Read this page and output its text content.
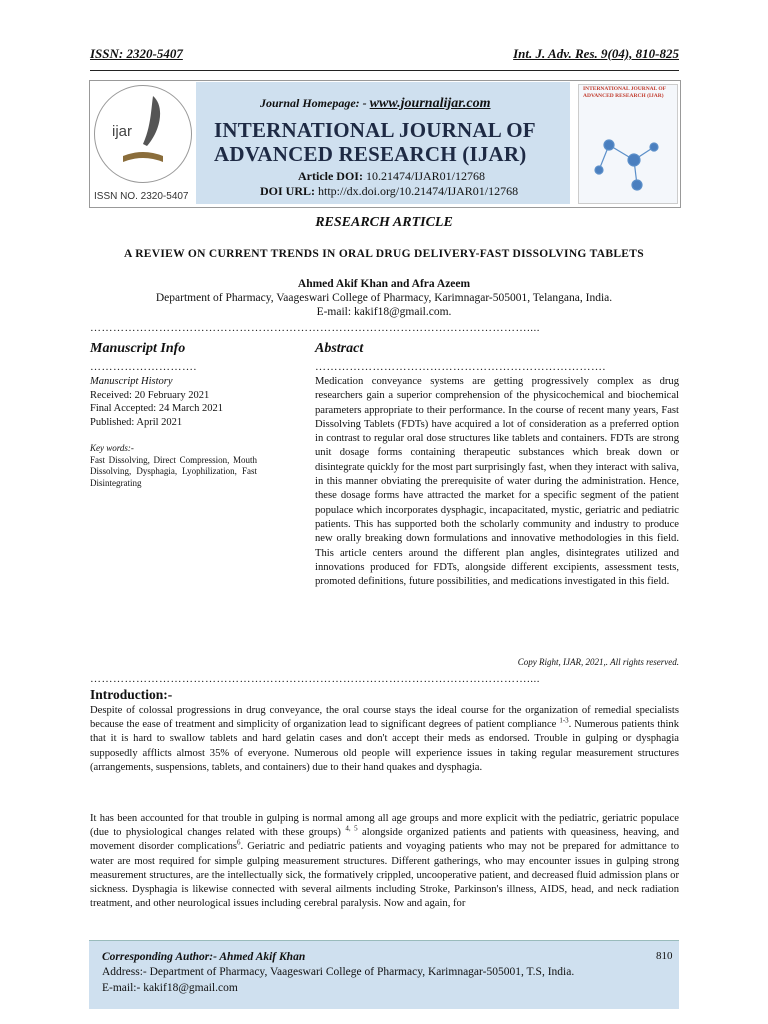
ISSN: 2320-5407	Int. J. Adv. Res. 9(04), 810-825
ijar
ISSN NO. 2320-5407
Journal Homepage: - www.journalijar.com
INTERNATIONAL JOURNAL OF ADVANCED RESEARCH (IJAR)
Article DOI: 10.21474/IJAR01/12768
DOI URL: http://dx.doi.org/10.21474/IJAR01/12768
INTERNATIONAL JOURNAL OF ADVANCED RESEARCH (IJAR)
RESEARCH ARTICLE
A REVIEW ON CURRENT TRENDS IN ORAL DRUG DELIVERY-FAST DISSOLVING TABLETS
Ahmed Akif Khan and Afra Azeem
Department of Pharmacy, Vaageswari College of Pharmacy, Karimnagar-505001, Telangana, India.
E-mail: kakif18@gmail.com.
……………………………………………………………………………………………………....
Manuscript Info	Abstract
……………………….	………………………………………………………………….
Manuscript History
Received: 20 February 2021
Final Accepted: 24 March 2021
Published: April 2021
Key words:-
Fast Dissolving, Direct Compression, Mouth Dissolving, Dysphagia, Lyophilization, Fast Disintegrating
Medication conveyance systems are getting progressively complex as drug researchers gain a superior comprehension of the physicochemical and biochemical parameters appropriate to their performance. In the course of recent many years, Fast Dissolving Tablets (FDTs) have acquired a lot of consideration as a preferred option in contrast to regular oral dose structures like tablets and containers. FDTs are strong unit dosage forms containing therapeutic substances which break down or disintegrate quickly for the most part surprisingly fast, when they interact with saliva, in this manner obviating the prerequisite of water during the administration. Hence, these dosage forms have attracted the market for a specific segment of the patient populace which incorporates dysphagic, incapacitated, mystic, geriatric and pediatric patients. This has supported both the scholarly community and industry to produce new orally breaking down formulations and innovative methodologies in this field. This article centers around the different plan angles, disintegrates utilized and innovations produced for FDTs, alongside different excipients, assessment tests, promoted definitions, future possibilities, and medications investigated in this field.
Copy Right, IJAR, 2021,. All rights reserved.
……………………………………………………………………………………………………....
Introduction:-
Despite of colossal progressions in drug conveyance, the oral course stays the ideal course for the organization of remedial specialists because the ease of treatment and simplicity of organization lead to significant degrees of patient compliance $^{1-3}$. Numerous patients think that it is hard to swallow tablets and hard gelatin cases and don't accept their meds as endorsed. Trouble in gulping or dysphagia supposedly afflicts almost 35% of everyone. Numerous old people will experience issues in taking regular measurement structures (arrangements, suspensions, tablets, and containers) due to their hand quakes and dysphagia.
It has been accounted for that trouble in gulping is normal among all age groups and more explicit with the pediatric, geriatric populace (due to physiological changes related with these groups) $^{4, 5}$ alongside organized patients and patients with queasiness, heaving, and movement disorder complications$^6$. Geriatric and pediatric patients and voyaging patients who may not be prepared for admittance to water are most required for simple gulping measurement structures. Different gatherings, who may encounter issues in gulping strong measurement structures, are the intellectually sick, the formatively crippled, uncooperative patient, and decreased fluid admission plans or sickness. Dysphagia is likewise connected with several ailments including Stroke, Parkinson's illness, AIDS, head, and neck radiation treatment, and other neurological issues including cerebral paralysis. Now and again, for
Corresponding Author:- Ahmed Akif Khan
Address:- Department of Pharmacy, Vaageswari College of Pharmacy, Karimnagar-505001, T.S, India.
E-mail:- kakif18@gmail.com
810
